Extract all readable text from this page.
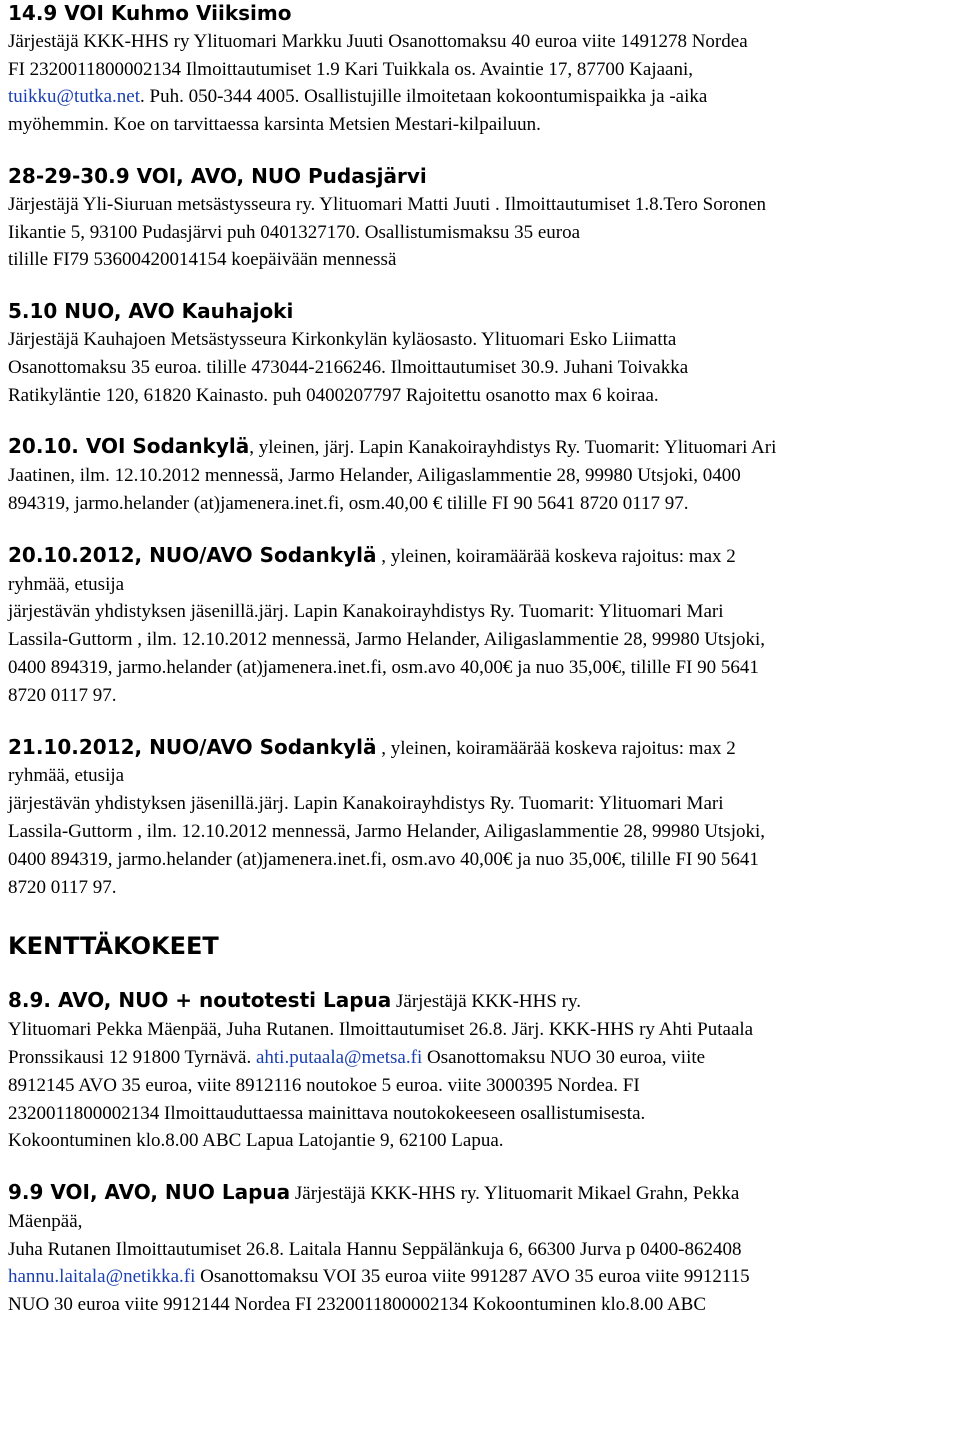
14.9 VOI Kuhmo Viiksimo
Järjestäjä KKK-HHS ry Ylituomari Markku Juuti Osanottomaksu 40 euroa viite 1491278 Nordea
FI 2320011800002134 Ilmoittautumiset 1.9 Kari Tuikkala os. Avaintie 17, 87700 Kajaani,
tuikku@tutka.net. Puh. 050-344 4005. Osallistujille ilmoitetaan kokoontumispaikka ja -aika
myöhemmin. Koe on tarvittaessa karsinta Metsien Mestari-kilpailuun.
28-29-30.9 VOI, AVO, NUO Pudasjärvi
Järjestäjä Yli-Siuruan metsästysseura ry. Ylituomari Matti Juuti . Ilmoittautumiset 1.8.Tero Soronen
Iikantie 5, 93100 Pudasjärvi puh 0401327170. Osallistumismaksu 35 euroa
tilille FI79 53600420014154 koepäivään mennessä
5.10 NUO, AVO Kauhajoki
Järjestäjä Kauhajoen Metsästysseura Kirkonkylän kyläosasto. Ylituomari Esko Liimatta
Osanottomaksu 35 euroa. tilille 473044-2166246. Ilmoittautumiset 30.9. Juhani Toivakka
Ratikyläntie 120, 61820 Kainasto. puh 0400207797 Rajoitettu osanotto max 6 koiraa.
20.10. VOI Sodankylä, yleinen, järj. Lapin Kanakoirayhdistys Ry. Tuomarit: Ylituomari Ari
Jaatinen, ilm. 12.10.2012 mennessä, Jarmo Helander, Ailigaslammentie 28, 99980 Utsjoki, 0400
894319, jarmo.helander (at)jamenera.inet.fi, osm.40,00 € tilille FI 90 5641 8720 0117 97.
20.10.2012, NUO/AVO Sodankylä , yleinen, koiramäärää koskeva rajoitus: max 2
ryhmää, etusija
järjestävän yhdistyksen jäsenillä.järj. Lapin Kanakoirayhdistys Ry. Tuomarit: Ylituomari Mari
Lassila-Guttorm , ilm. 12.10.2012 mennessä, Jarmo Helander, Ailigaslammentie 28, 99980 Utsjoki,
0400 894319, jarmo.helander (at)jamenera.inet.fi, osm.avo 40,00€ ja nuo 35,00€, tilille FI 90 5641
8720 0117 97.
21.10.2012, NUO/AVO Sodankylä , yleinen, koiramäärää koskeva rajoitus: max 2
ryhmää, etusija
järjestävän yhdistyksen jäsenillä.järj. Lapin Kanakoirayhdistys Ry. Tuomarit: Ylituomari Mari
Lassila-Guttorm , ilm. 12.10.2012 mennessä, Jarmo Helander, Ailigaslammentie 28, 99980 Utsjoki,
0400 894319, jarmo.helander (at)jamenera.inet.fi, osm.avo 40,00€ ja nuo 35,00€, tilille FI 90 5641
8720 0117 97.
KENTTÄKOKEET
8.9. AVO, NUO + noutotesti Lapua Järjestäjä KKK-HHS ry.
Ylituomari Pekka Mäenpää, Juha Rutanen. Ilmoittautumiset 26.8. Järj. KKK-HHS ry Ahti Putaala
Pronssikausi 12 91800 Tyrnävä. ahti.putaala@metsa.fi Osanottomaksu NUO 30 euroa, viite
8912145 AVO 35 euroa, viite 8912116 noutokoe 5 euroa. viite 3000395 Nordea. FI
2320011800002134 Ilmoittauduttaessa mainittava noutokokeeseen osallistumisesta.
Kokoontuminen klo.8.00 ABC Lapua Latojantie 9, 62100 Lapua.
9.9 VOI, AVO, NUO Lapua Järjestäjä KKK-HHS ry. Ylituomarit Mikael Grahn, Pekka
Mäenpää,
Juha Rutanen Ilmoittautumiset 26.8. Laitala Hannu Seppälänkuja 6, 66300 Jurva p 0400-862408
hannu.laitala@netikka.fi Osanottomaksu VOI 35 euroa viite 991287 AVO 35 euroa viite 9912115
NUO 30 euroa viite 9912144 Nordea FI 2320011800002134 Kokoontuminen klo.8.00 ABC
